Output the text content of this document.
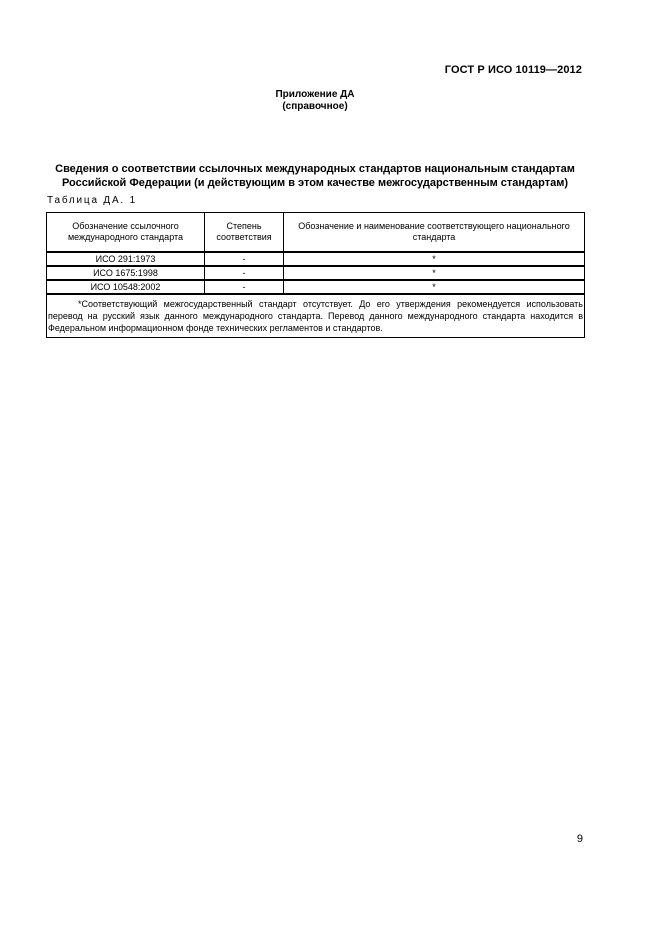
ГОСТ Р ИСО 10119—2012
Приложение ДА
(справочное)
Сведения о соответствии ссылочных международных стандартов национальным стандартам
Российской Федерации (и действующим в этом качестве межгосударственным стандартам)
Таблица ДА. 1
Обозначение ссылочного международного стандарта	Степень соответствия	Обозначение и наименование соответствующего национального стандарта
ИСО 291:1973	-	*
ИСО 1675:1998	-	*
ИСО 10548:2002	-	*
*Соответствующий межгосударственный стандарт отсутствует. До его утверждения рекомендуется использовать перевод на русский язык данного международного стандарта. Перевод данного международного стандарта находится в Федеральном информационном фонде технических регламентов и стандартов.		
9
